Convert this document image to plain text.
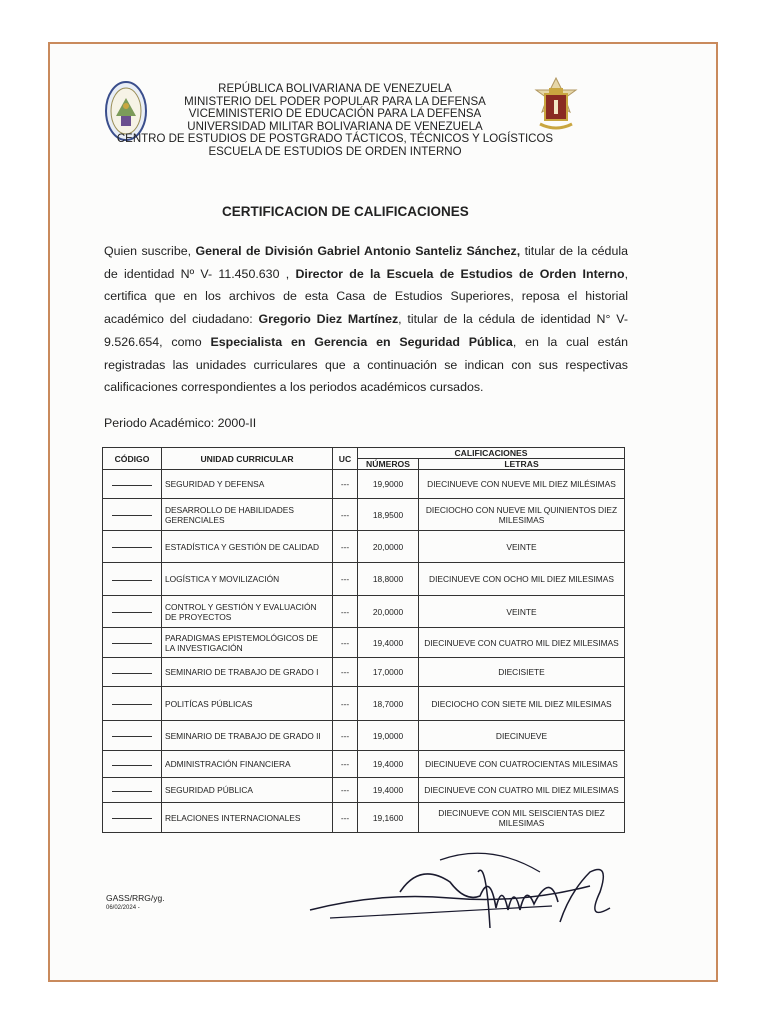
REPÚBLICA BOLIVARIANA DE VENEZUELA
MINISTERIO DEL PODER POPULAR PARA LA DEFENSA
VICEMINISTERIO DE EDUCACIÓN PARA LA DEFENSA
UNIVERSIDAD MILITAR BOLIVARIANA DE VENEZUELA
CENTRO DE ESTUDIOS DE POSTGRADO TÁCTICOS, TÉCNICOS Y LOGÍSTICOS
ESCUELA DE ESTUDIOS DE ORDEN INTERNO
CERTIFICACION DE CALIFICACIONES
Quien suscribe, General de División Gabriel Antonio Santeliz Sánchez, titular de la cédula de identidad Nº V- 11.450.630 , Director de la Escuela de Estudios de Orden Interno, certifica que en los archivos de esta Casa de Estudios Superiores, reposa el historial académico del ciudadano: Gregorio Diez Martínez, titular de la cédula de identidad N° V-9.526.654, como Especialista en Gerencia en Seguridad Pública, en la cual están registradas las unidades curriculares que a continuación se indican con sus respectivas calificaciones correspondientes a los periodos académicos cursados.
Periodo Académico: 2000-II
CÓDIGO	UNIDAD CURRICULAR	UC	CALIFICACIONES	
			NÚMEROS	LETRAS
	SEGURIDAD Y DEFENSA	---	19,9000	DIECINUEVE CON NUEVE MIL DIEZ MILÉSIMAS
	DESARROLLO DE HABILIDADES GERENCIALES	---	18,9500	DIECIOCHO CON NUEVE MIL QUINIENTOS DIEZ MILESIMAS
	ESTADÍSTICA Y GESTIÓN DE CALIDAD	---	20,0000	VEINTE
	LOGÍSTICA Y MOVILIZACIÓN	---	18,8000	DIECINUEVE CON OCHO MIL DIEZ MILESIMAS
	CONTROL Y GESTIÓN Y EVALUACIÓN DE PROYECTOS	---	20,0000	VEINTE
	PARADIGMAS EPISTEMOLÓGICOS DE LA INVESTIGACIÓN	---	19,4000	DIECINUEVE CON CUATRO MIL DIEZ MILESIMAS
	SEMINARIO DE TRABAJO DE GRADO I	---	17,0000	DIECISIETE
	POLITÍCAS PÚBLICAS	---	18,7000	DIECIOCHO CON SIETE MIL DIEZ MILESIMAS
	SEMINARIO DE TRABAJO DE GRADO II	---	19,0000	DIECINUEVE
	ADMINISTRACIÓN FINANCIERA	---	19,4000	DIECINUEVE CON CUATROCIENTAS MILESIMAS
	SEGURIDAD PÚBLICA	---	19,4000	DIECINUEVE CON CUATRO MIL DIEZ MILESIMAS
	RELACIONES INTERNACIONALES	---	19,1600	DIECINUEVE CON MIL SEISCIENTAS DIEZ MILESIMAS
GASS/RRG/yg.
06/02/2024 -
